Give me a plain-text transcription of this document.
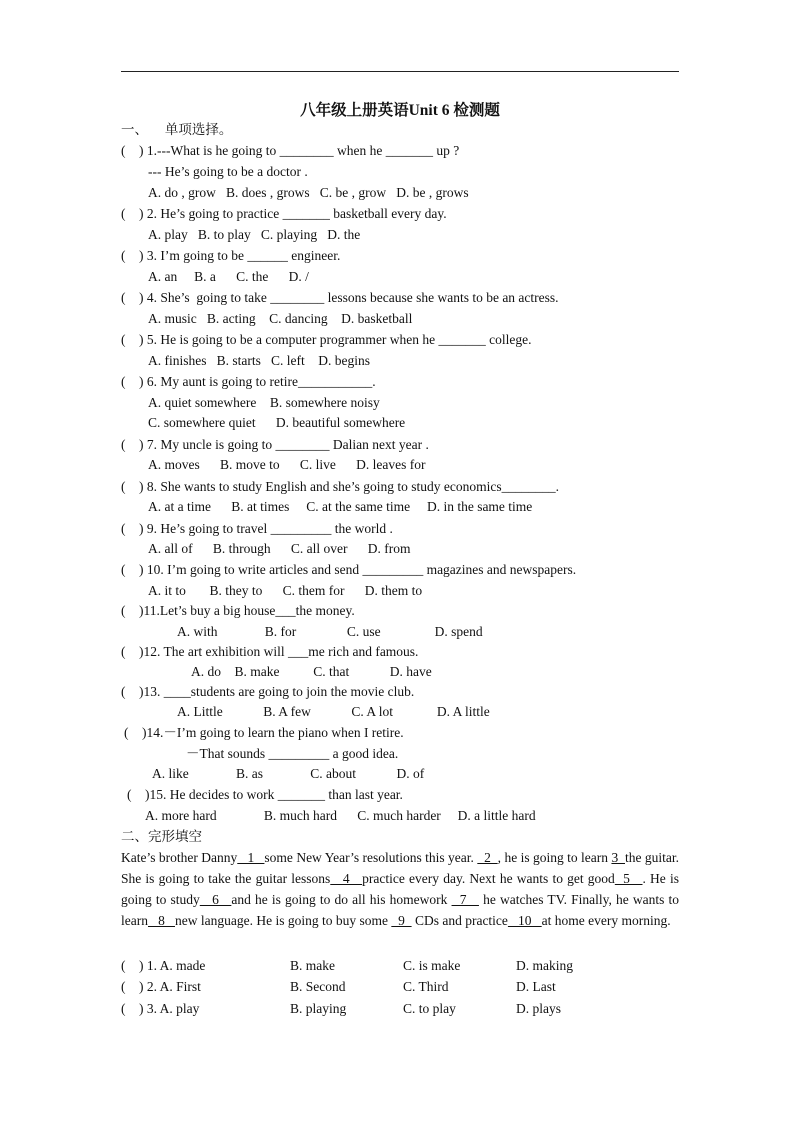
八年级上册英语Unit 6 检测题
一、     单项选择。
(    ) 1.---What is he going to ________ when he _______ up ?
--- He’s going to be a doctor .
A. do , grow   B. does , grows   C. be , grow   D. be , grows
(    ) 2. He’s going to practice _______ basketball every day.
A. play   B. to play   C. playing   D. the
(    ) 3. I’m going to be ______ engineer.
A. an     B. a      C. the      D. /
(    ) 4. She’s  going to take ________ lessons because she wants to be an actress.
A. music   B. acting    C. dancing    D. basketball
(    ) 5. He is going to be a computer programmer when he _______ college.
A. finishes   B. starts   C. left    D. begins
(    ) 6. My aunt is going to retire___________.
A. quiet somewhere    B. somewhere noisy
C. somewhere quiet      D. beautiful somewhere
(    ) 7. My uncle is going to ________ Dalian next year .
A. moves      B. move to      C. live      D. leaves for
(    ) 8. She wants to study English and she’s going to study economics________.
A. at a time      B. at times     C. at the same time     D. in the same time
(    ) 9. He’s going to travel _________ the world .
A. all of      B. through      C. all over      D. from
(    ) 10. I’m going to write articles and send _________ magazines and newspapers.
A. it to       B. they to      C. them for      D. them to
(    )11.Let’s buy a big house___the money.
A. with              B. for               C. use                D. spend
(    )12. The art exhibition will ___me rich and famous.
A. do    B. make          C. that            D. have
(    )13. ____students are going to join the movie club.
A. Little            B. A few            C. A lot             D. A little
(    )14.－I’m going to learn the piano when I retire.
－That sounds _________ a good idea.
A. like              B. as              C. about            D. of
(    )15. He decides to work _______ than last year.
A. more hard              B. much hard      C. much harder     D. a little hard
二、完形填空
Kate’s brother Danny   1   some New Year’s resolutions this year.   2  , he is going to learn 3  the guitar. She is going to take the guitar lessons   4   practice every day. Next he wants to get good  5   . He is going to study   6   and he is going to do all his homework   7    he watches TV. Finally, he wants to learn   8   new language. He is going to buy some   9   CDs and practice   10   at home every morning.
(    ) 1. A. made	B. make	C. is make	D. making
(    ) 2. A. First	B. Second	C. Third	D. Last
(    ) 3. A. play	B. playing	C. to play	D. plays
